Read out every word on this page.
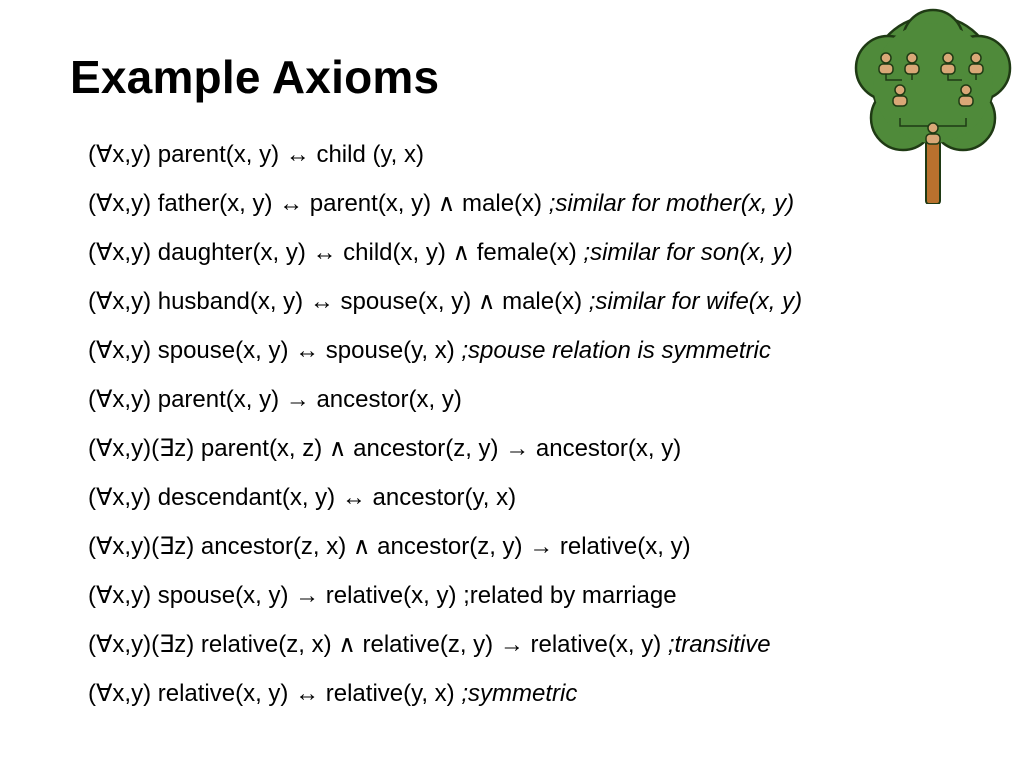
Example Axioms
(∀x,y) parent(x, y) ↔ child (y, x)
(∀x,y) father(x, y) ↔ parent(x, y) ∧ male(x) ;similar for mother(x, y)
(∀x,y) daughter(x, y) ↔ child(x, y) ∧ female(x) ;similar for son(x, y)
(∀x,y) husband(x, y) ↔ spouse(x, y) ∧ male(x) ;similar for wife(x, y)
(∀x,y) spouse(x, y) ↔ spouse(y, x) ;spouse relation is symmetric
(∀x,y) parent(x, y) → ancestor(x, y)
(∀x,y)(∃z) parent(x, z) ∧ ancestor(z, y) → ancestor(x, y)
(∀x,y) descendant(x, y) ↔ ancestor(y, x)
(∀x,y)(∃z) ancestor(z, x) ∧ ancestor(z, y) → relative(x, y)
(∀x,y) spouse(x, y) → relative(x, y) ;related by marriage
(∀x,y)(∃z) relative(z, x) ∧ relative(z, y) → relative(x, y) ;transitive
(∀x,y) relative(x, y) ↔ relative(y, x) ;symmetric
